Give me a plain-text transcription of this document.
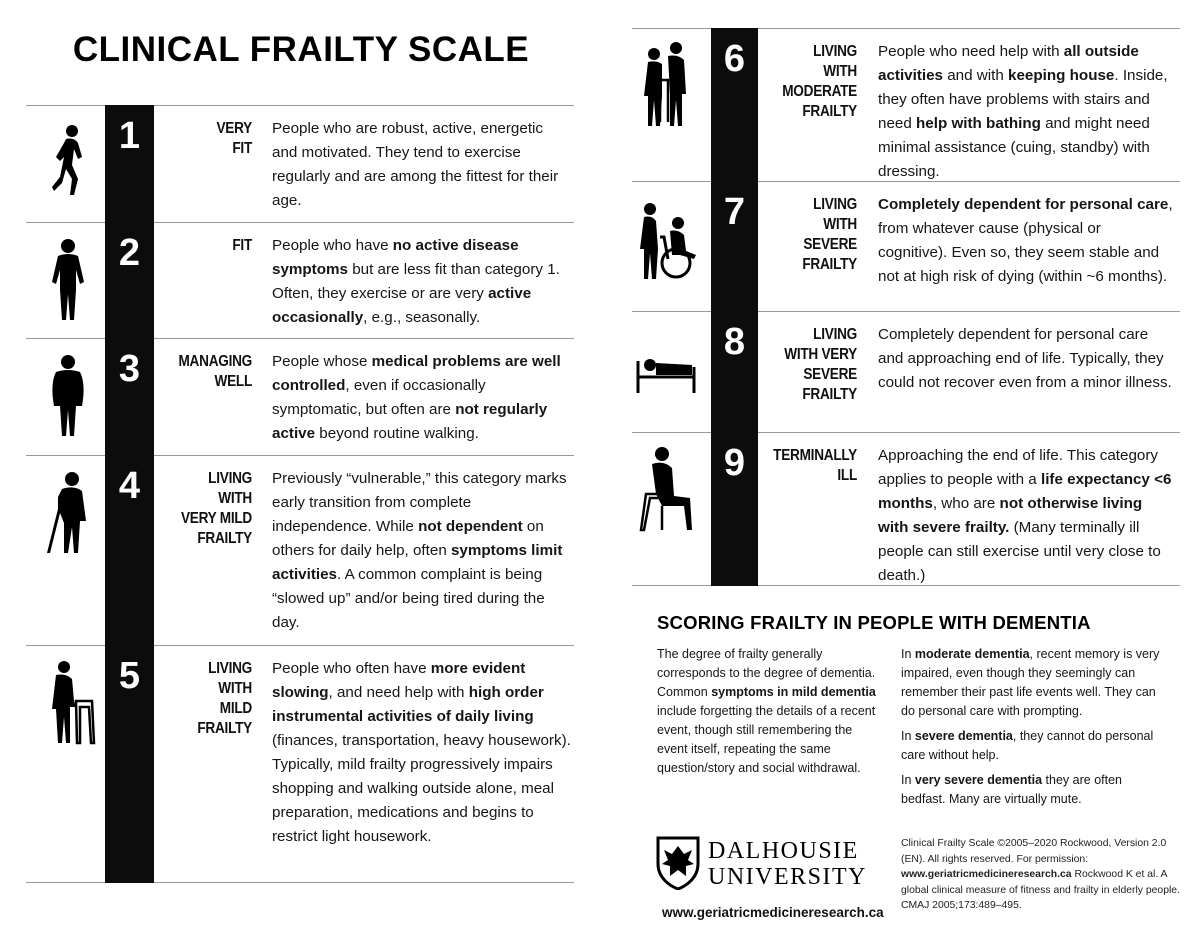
CLINICAL FRAILTY SCALE
1	VERY
FIT
People who are robust, active, energetic and motivated. They tend to exercise regularly and are among the fittest for their age.
2	FIT People who have no active disease symptoms but are less fit than category 1. Often, they exercise or are very active occasionally, e.g., seasonally.
3	MANAGING
WELL
People whose medical problems are well controlled, even if occasionally symptomatic, but often are not regularly active beyond routine walking.
4	LIVING
WITH
VERY MILD
FRAILTY
Previously “vulnerable,” this category marks early transition from complete independence. While not dependent on others for daily help, often symptoms limit activities. A common complaint is being “slowed up” and/or being tired during the day.
5	LIVING
WITH
MILD
FRAILTY
People who often have more evident slowing, and need help with high order instrumental activities of daily living (finances, transportation, heavy housework). Typically, mild frailty progressively impairs shopping and walking outside alone, meal preparation, medications and begins to restrict light housework.
6	LIVING
WITH
MODERATE
FRAILTY
People who need help with all outside activities and with keeping house. Inside, they often have problems with stairs and need help with bathing and might need minimal assistance (cuing, standby) with dressing.
7	LIVING
WITH
SEVERE
FRAILTY
Completely dependent for personal care, from whatever cause (physical or cognitive). Even so, they seem stable and not at high risk of dying (within ~6 months).
8	LIVING
WITH VERY
SEVERE
FRAILTY
Completely dependent for personal care and approaching end of life. Typically, they could not recover even from a minor illness.
9	TERMINALLY
ILL
Approaching the end of life. This category applies to people with a life expectancy <6 months, who are not otherwise living with severe frailty. (Many terminally ill people can still exercise until very close to death.)
SCORING FRAILTY IN PEOPLE WITH DEMENTIA

The degree of frailty generally corresponds to the degree of dementia. Common symptoms in mild dementia include forgetting the details of a recent event, though still remembering the event itself, repeating the same question/story and social withdrawal.

In moderate dementia, recent memory is very impaired, even though they seemingly can remember their past life events well. They can do personal care with prompting.

In severe dementia, they cannot do personal care without help.

In very severe dementia they are often bedfast. Many are virtually mute.

DALHOUSIE
UNIVERSITY
www.geriatricmedicineresearch.ca
Clinical Frailty Scale ©2005–2020 Rockwood, Version 2.0 (EN). All rights reserved. For permission: www.geriatricmedicineresearch.ca Rockwood K et al. A global clinical measure of fitness and frailty in elderly people. CMAJ 2005;173:489–495.
